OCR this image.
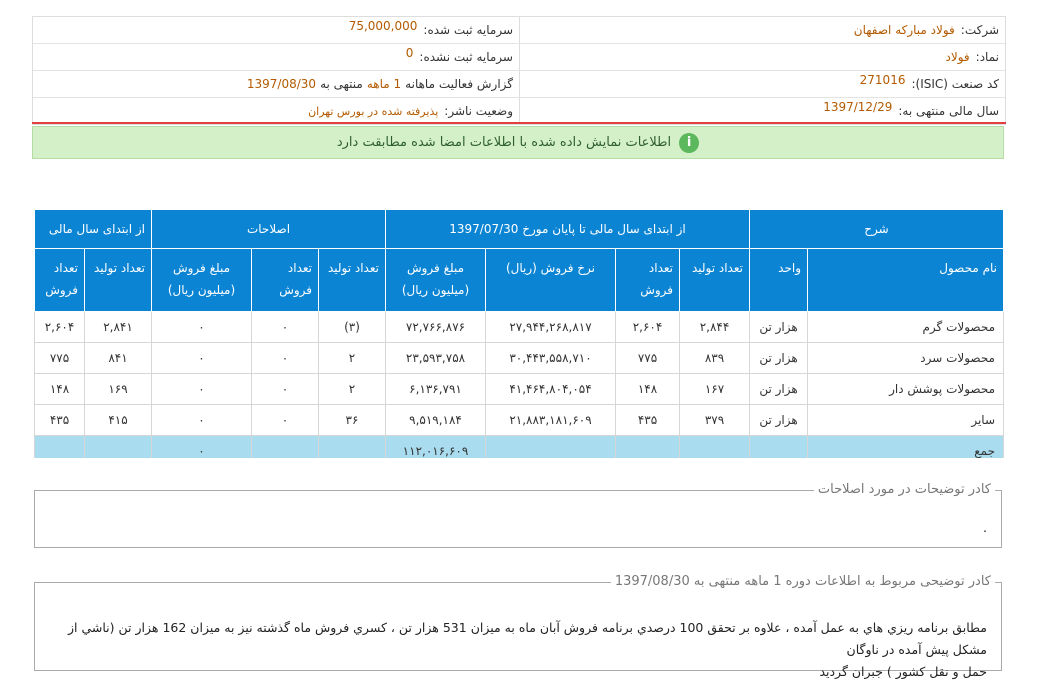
شرکت:
فولاد مبارکه اصفهان
سرمایه ثبت شده:
75,000,000
نماد:
فولاد
سرمایه ثبت نشده:
0
کد صنعت (ISIC):
271016
گزارش فعالیت ماهانه
1 ماهه
منتهی به
1397/08/30
سال مالی منتهی به:
1397/12/29
وضعیت ناشر:
پذیرفته شده در بورس تهران
i
اطلاعات نمایش داده شده با اطلاعات امضا شده مطابقت دارد
شرح		از ابتدای سال مالی تا پایان مورخ 1397/07/30				اصلاحات			از ابتدای سال مالی	
نام محصول	واحد	تعداد تولید	تعداد فروش	نرخ فروش (ریال)	مبلغ فروش (میلیون ریال)	تعداد تولید	تعداد فروش	مبلغ فروش (میلیون ریال)	تعداد تولید	تعداد فروش
محصولات گرم	هزار تن	۲,۸۴۴	۲,۶۰۴	۲۷,۹۴۴,۲۶۸,۸۱۷	۷۲,۷۶۶,۸۷۶	(۳)	۰	۰	۲,۸۴۱	۲,۶۰۴
محصولات سرد	هزار تن	۸۳۹	۷۷۵	۳۰,۴۴۳,۵۵۸,۷۱۰	۲۳,۵۹۳,۷۵۸	۲	۰	۰	۸۴۱	۷۷۵
محصولات پوشش دار	هزار تن	۱۶۷	۱۴۸	۴۱,۴۶۴,۸۰۴,۰۵۴	۶,۱۳۶,۷۹۱	۲	۰	۰	۱۶۹	۱۴۸
سایر	هزار تن	۳۷۹	۴۳۵	۲۱,۸۸۳,۱۸۱,۶۰۹	۹,۵۱۹,۱۸۴	۳۶	۰	۰	۴۱۵	۴۳۵
جمع					۱۱۲,۰۱۶,۶۰۹			۰		
کادر توضیحات در مورد اصلاحات
.
کادر توضیحی مربوط به اطلاعات دوره 1 ماهه منتهی به 1397/08/30
مطابق برنامه ريزي هاي به عمل آمده ، علاوه بر تحقق 100 درصدي برنامه فروش آبان ماه به ميزان 531 هزار تن ، كسري فروش ماه گذشته نيز به ميزان 162 هزار تن (ناشي از مشكل پيش آمده در ناوگان
حمل و نقل كشور ) جبران گرديد
